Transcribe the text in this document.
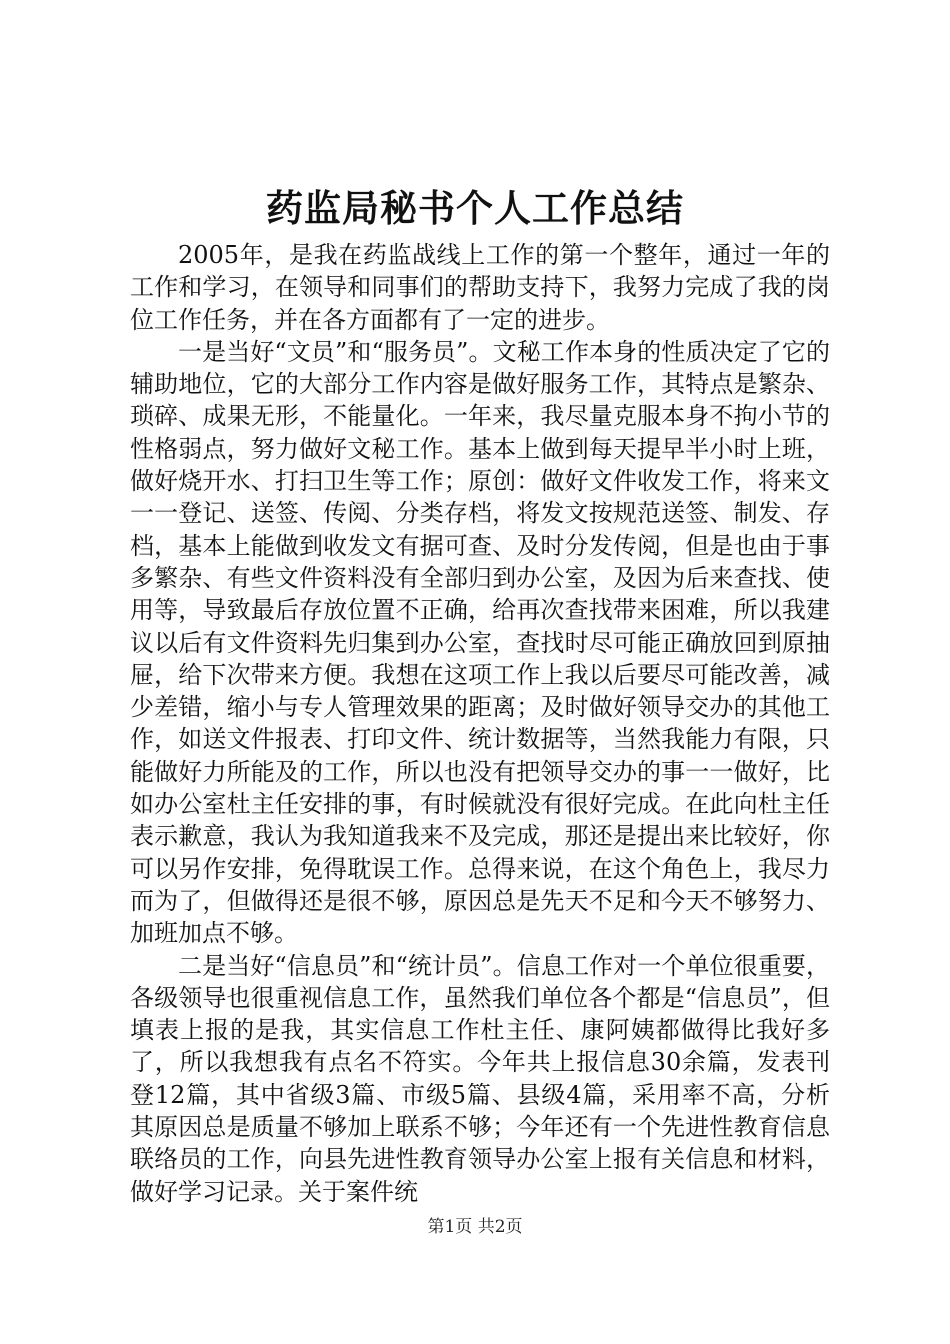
药监局秘书个人工作总结

2005年，是我在药监战线上工作的第一个整年，通过一年的工作和学习，在领导和同事们的帮助支持下，我努力完成了我的岗位工作任务，并在各方面都有了一定的进步。

一是当好“文员”和“服务员”。文秘工作本身的性质决定了它的辅助地位，它的大部分工作内容是做好服务工作，其特点是繁杂、琐碎、成果无形，不能量化。一年来，我尽量克服本身不拘小节的性格弱点，努力做好文秘工作。基本上做到每天提早半小时上班，做好烧开水、打扫卫生等工作；原创：做好文件收发工作，将来文一一登记、送签、传阅、分类存档，将发文按规范送签、制发、存档，基本上能做到收发文有据可查、及时分发传阅，但是也由于事多繁杂、有些文件资料没有全部归到办公室，及因为后来查找、使用等，导致最后存放位置不正确，给再次查找带来困难，所以我建议以后有文件资料先归集到办公室，查找时尽可能正确放回到原抽屉，给下次带来方便。我想在这项工作上我以后要尽可能改善，减少差错，缩小与专人管理效果的距离；及时做好领导交办的其他工作，如送文件报表、打印文件、统计数据等，当然我能力有限，只能做好力所能及的工作，所以也没有把领导交办的事一一做好，比如办公室杜主任安排的事，有时候就没有很好完成。在此向杜主任表示歉意，我认为我知道我来不及完成，那还是提出来比较好，你可以另作安排，免得耽误工作。总得来说，在这个角色上，我尽力而为了，但做得还是很不够，原因总是先天不足和今天不够努力、加班加点不够。

二是当好“信息员”和“统计员”。信息工作对一个单位很重要，各级领导也很重视信息工作，虽然我们单位各个都是“信息员”，但填表上报的是我，其实信息工作杜主任、康阿姨都做得比我好多了，所以我想我有点名不符实。今年共上报信息30余篇，发表刊登12篇，其中省级3篇、市级5篇、县级4篇，采用率不高，分析其原因总是质量不够加上联系不够；今年还有一个先进性教育信息联络员的工作，向县先进性教育领导办公室上报有关信息和材料，做好学习记录。关于案件统

第1页 共2页
